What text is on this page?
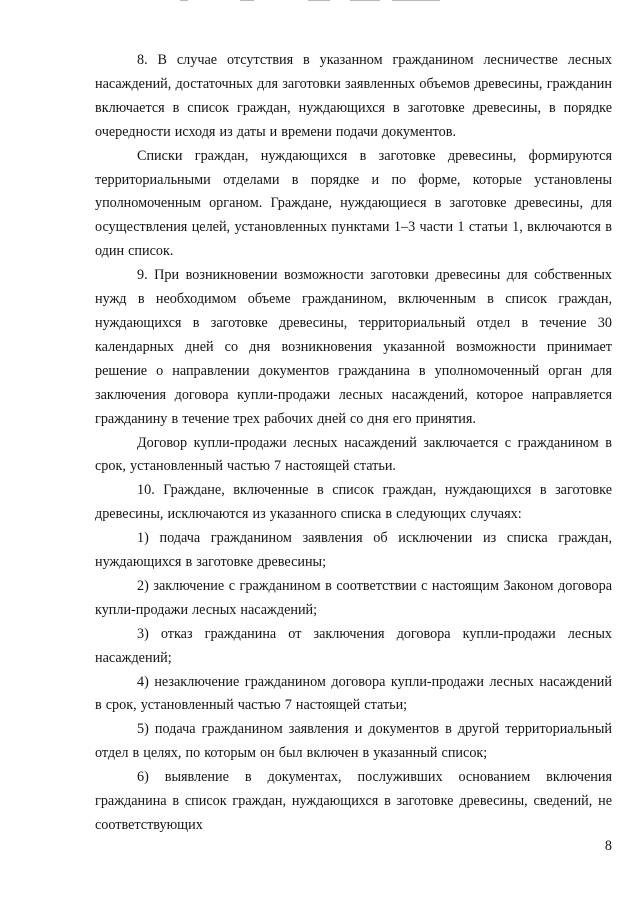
8. В случае отсутствия в указанном гражданином лесничестве лесных насаждений, достаточных для заготовки заявленных объемов древесины, гражданин включается в список граждан, нуждающихся в заготовке древесины, в порядке очередности исходя из даты и времени подачи документов.

Списки граждан, нуждающихся в заготовке древесины, формируются территориальными отделами в порядке и по форме, которые установлены уполномоченным органом. Граждане, нуждающиеся в заготовке древесины, для осуществления целей, установленных пунктами 1–3 части 1 статьи 1, включаются в один список.

9. При возникновении возможности заготовки древесины для собственных нужд в необходимом объеме гражданином, включенным в список граждан, нуждающихся в заготовке древесины, территориальный отдел в течение 30 календарных дней со дня возникновения указанной возможности принимает решение о направлении документов гражданина в уполномоченный орган для заключения договора купли-продажи лесных насаждений, которое направляется гражданину в течение трех рабочих дней со дня его принятия.

Договор купли-продажи лесных насаждений заключается с гражданином в срок, установленный частью 7 настоящей статьи.

10. Граждане, включенные в список граждан, нуждающихся в заготовке древесины, исключаются из указанного списка в следующих случаях:

1) подача гражданином заявления об исключении из списка граждан, нуждающихся в заготовке древесины;

2) заключение с гражданином в соответствии с настоящим Законом договора купли-продажи лесных насаждений;

3) отказ гражданина от заключения договора купли-продажи лесных насаждений;

4) незаключение гражданином договора купли-продажи лесных насаждений в срок, установленный частью 7 настоящей статьи;

5) подача гражданином заявления и документов в другой территориальный отдел в целях, по которым он был включен в указанный список;

6) выявление в документах, послуживших основанием включения гражданина в список граждан, нуждающихся в заготовке древесины, сведений, не соответствующих

8
